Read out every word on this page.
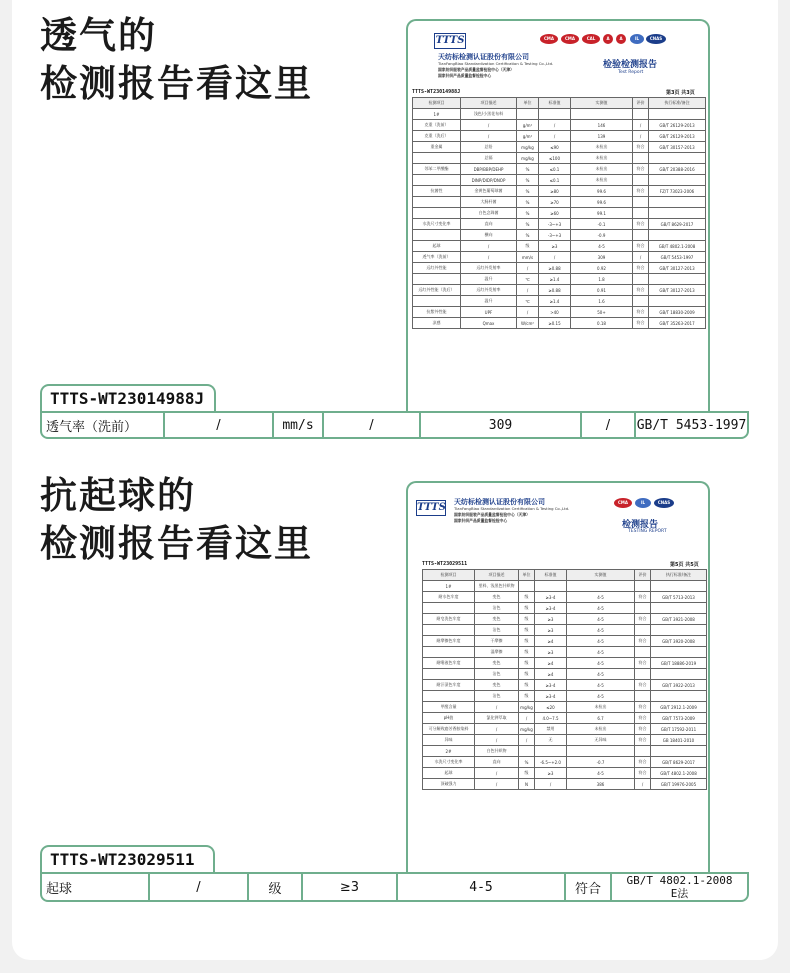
透气的
检测报告看这里
TTTS
天纺标检测认证股份有限公司
TianFangBiao Standardization Certification & Testing Co.,Ltd.
国家纺织服装产品质量监督检验中心（天津）
国家针织产品质量监督检验中心
CMA	CMA	CAL	A	A	IL	CNAS
检验检测报告
Test Report
TTTS-WT23014988J	第3页 共3页
检测项目	项目描述	单位	标准值	实测值	评价	执行标准/备注
1#	浅色/小黑花布料					
克重（洗前）	/	g/m²	/	146	/	GB/T 26129-2013
克重（洗后）	/	g/m²	/	139	/	GB/T 26129-2013
重金属	总铅	mg/kg	≤90	未检出	符合	GB/T 30157-2013
	总镉	mg/kg	≤100	未检出		
邻苯二甲酸酯	DBP/BBP/DEHP	%	≤0.1	未检出	符合	GB/T 20388-2016
	DINP/DIDP/DNOP	%	≤0.1	未检出		
抗菌性	金黄色葡萄球菌	%	≥80	99.6	符合	FZ/T 73023-2006
	大肠杆菌	%	≥70	99.6		
	白色念珠菌	%	≥60	99.1		
水洗尺寸变化率	直向	%	-3~+3	-0.1	符合	GB/T 8629-2017
	横向	%	-3~+3	-0.9		
起球	/	级	≥3	4-5	符合	GB/T 4802.1-2008
透气率（洗前）	/	mm/s	/	309	/	GB/T 5453-1997
远红外性能	远红外发射率	/	≥0.88	0.92	符合	GB/T 30127-2013
	温升	℃	≥1.4	1.8		
远红外性能（洗后）	远红外发射率	/	≥0.88	0.91	符合	GB/T 30127-2013
	温升	℃	≥1.4	1.6		
抗紫外性能	UPF	/	>40	50+	符合	GB/T 18830-2009
凉感	Qmax	W/cm²	≥0.15	0.18	符合	GB/T 35263-2017
TTTS-WT23014988J
透气率（洗前）	/	mm/s	/	309	/	GB/T 5453-1997
抗起球的
检测报告看这里
TTTS 天纺标检测认证股份有限公司
TianFangBiao Standardization Certification & Testing Co.,Ltd.
国家纺织服装产品质量监督检验中心（天津）
国家针织产品质量监督检验中心
CMA	IL	CNAS
检测报告
TESTING REPORT
TTTS-WT23029511	第5页 共5页
检测项目	项目描述	单位	标准值	实测值	评价	执行标准/备注
1#	里料、浅黑色针织物					
耐水色牢度	变色	级	≥3-4	4-5	符合	GB/T 5713-2013
	沾色	级	≥3-4	4-5		
耐皂洗色牢度	变色	级	≥3	4-5	符合	GB/T 3921-2008
	沾色	级	≥3	4-5		
耐摩擦色牢度	干摩擦	级	≥4	4-5	符合	GB/T 3920-2008
	湿摩擦	级	≥3	4-5		
耐唾液色牢度	变色	级	≥4	4-5	符合	GB/T 18886-2019
	沾色	级	≥4	4-5		
耐汗渍色牢度	变色	级	≥3-4	4-5	符合	GB/T 3922-2013
	沾色	级	≥3-4	4-5		
甲醛含量	/	mg/kg	≤20	未检出	符合	GB/T 2912.1-2009
pH值	氯化钾萃取	/	4.0~7.5	6.7	符合	GB/T 7573-2009
可分解致癌芳香胺染料	/	mg/kg	禁用	未检出	符合	GB/T 17592-2011
异味	/	/	无	无异味	符合	GB 18401-2010
2#	白色针织物					
水洗尺寸变化率	直向	%	-6.5~+2.0	-0.7	符合	GB/T 8629-2017
起球	/	级	≥3	4-5	符合	GB/T 4802.1-2008
顶破强力	/	N	/	386	/	GB/T 19976-2005
TTTS-WT23029511
起球	/	级	≥3	4-5	符合
GB/T 4802.1-2008
E法
